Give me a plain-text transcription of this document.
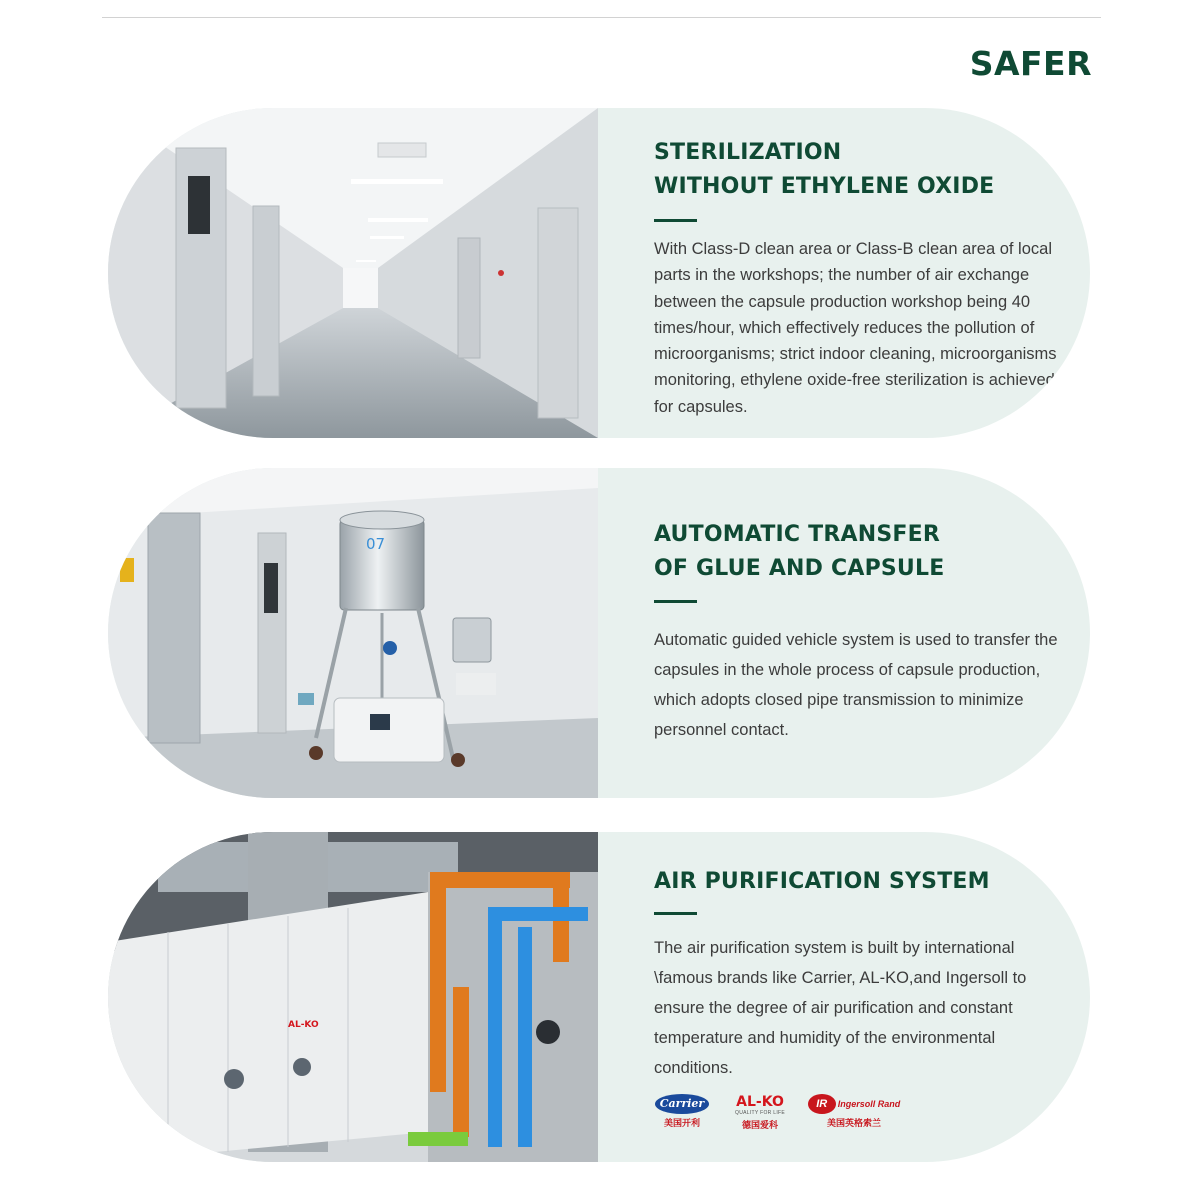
SAFER
STERILIZATION
WITHOUT ETHYLENE OXIDE

With Class-D clean area or Class-B clean area of local parts in the workshops; the number of air exchange between the capsule production workshop being 40 times/hour, which effectively reduces the pollution of microorganisms; strict indoor cleaning, microorganisms monitoring, ethylene oxide-free sterilization is achieved for capsules.

07	AUTOMATIC TRANSFER
OF GLUE AND CAPSULE

Automatic guided vehicle system is used to transfer the capsules in the whole process of capsule production, which adopts closed pipe transmission to minimize personnel contact.

AL-KO
AIR PURIFICATION SYSTEM

The air purification system is built by international \famous brands like Carrier, AL-KO,and Ingersoll to ensure the degree of air purification and constant temperature and humidity of the environmental conditions.

Carrier
美国开利
AL-KO
QUALITY FOR LIFE
德国爱科
IR	Ingersoll Rand
美国英格索兰
